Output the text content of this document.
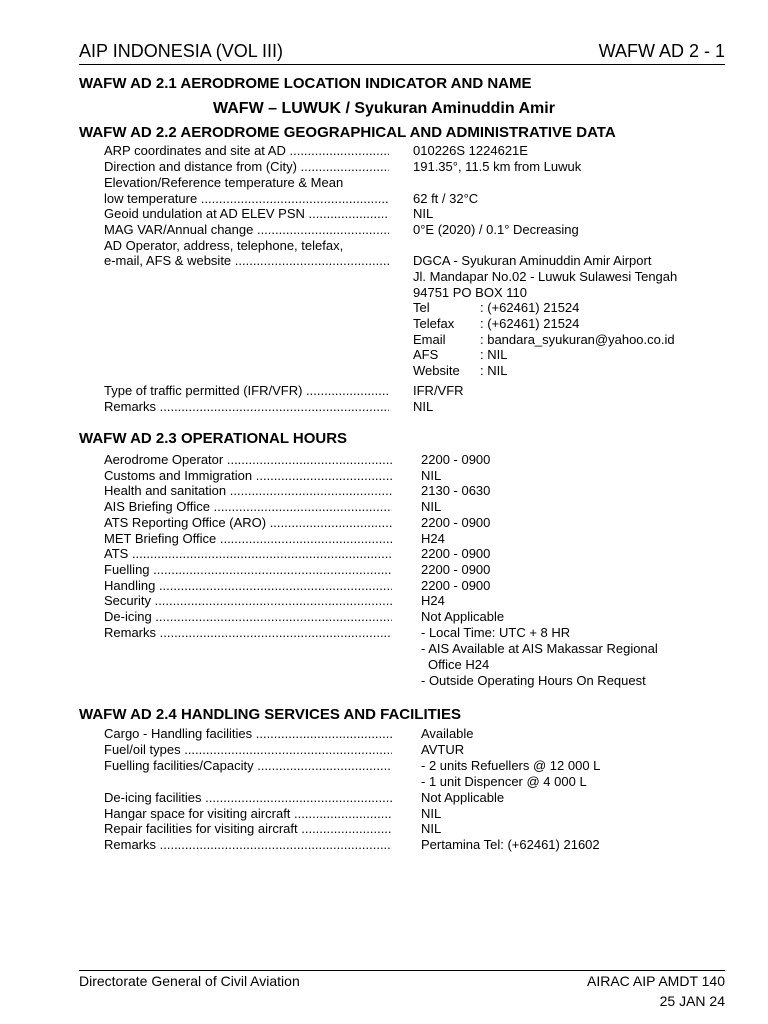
AIP INDONESIA (VOL III)	WAFW AD 2 - 1
WAFW AD 2.1 AERODROME LOCATION INDICATOR AND NAME
WAFW – LUWUK / Syukuran Aminuddin Amir
WAFW AD 2.2 AERODROME GEOGRAPHICAL AND ADMINISTRATIVE DATA
ARP coordinates and site at AD .....	010226S 1224621E
Direction and distance from (City) .....	191.35°, 11.5 km from Luwuk
Elevation/Reference temperature & Mean
low temperature .....	62 ft / 32°C
Geoid undulation at AD ELEV PSN .....	NIL
MAG VAR/Annual change .....	0°E (2020) / 0.1° Decreasing
AD Operator, address, telephone, telefax,
e-mail, AFS & website .....	DGCA - Syukuran Aminuddin Amir Airport
Jl. Mandapar No.02 - Luwuk Sulawesi Tengah
94751 PO BOX 110
Tel	: (+62461) 21524
Telefax : (+62461) 21524
Email	: bandara_syukuran@yahoo.co.id
AFS	: NIL
Website : NIL
Type of traffic permitted (IFR/VFR) .....	IFR/VFR
Remarks .....	NIL
WAFW AD 2.3 OPERATIONAL HOURS
Aerodrome Operator .....	2200 - 0900
Customs and Immigration .....	NIL
Health and sanitation .....	2130 - 0630
AIS Briefing Office .....	NIL
ATS Reporting Office (ARO) .....	2200 - 0900
MET Briefing Office .....	H24
ATS .....	2200 - 0900
Fuelling .....	2200 - 0900
Handling .....	2200 - 0900
Security .....	H24
De-icing .....	Not Applicable
Remarks .....	- Local Time: UTC + 8 HR
- AIS Available at AIS Makassar Regional
Office H24
- Outside Operating Hours On Request
WAFW AD 2.4 HANDLING SERVICES AND FACILITIES
Cargo - Handling facilities .....	Available
Fuel/oil types .....	AVTUR
Fuelling facilities/Capacity .....	- 2 units Refuellers @ 12 000 L
- 1 unit Dispencer @ 4 000 L
De-icing facilities .....	Not Applicable
Hangar space for visiting aircraft .....	NIL
Repair facilities for visiting aircraft .....	NIL
Remarks .....	Pertamina Tel: (+62461) 21602
Directorate General of Civil Aviation	AIRAC AIP AMDT 140
25 JAN 24
